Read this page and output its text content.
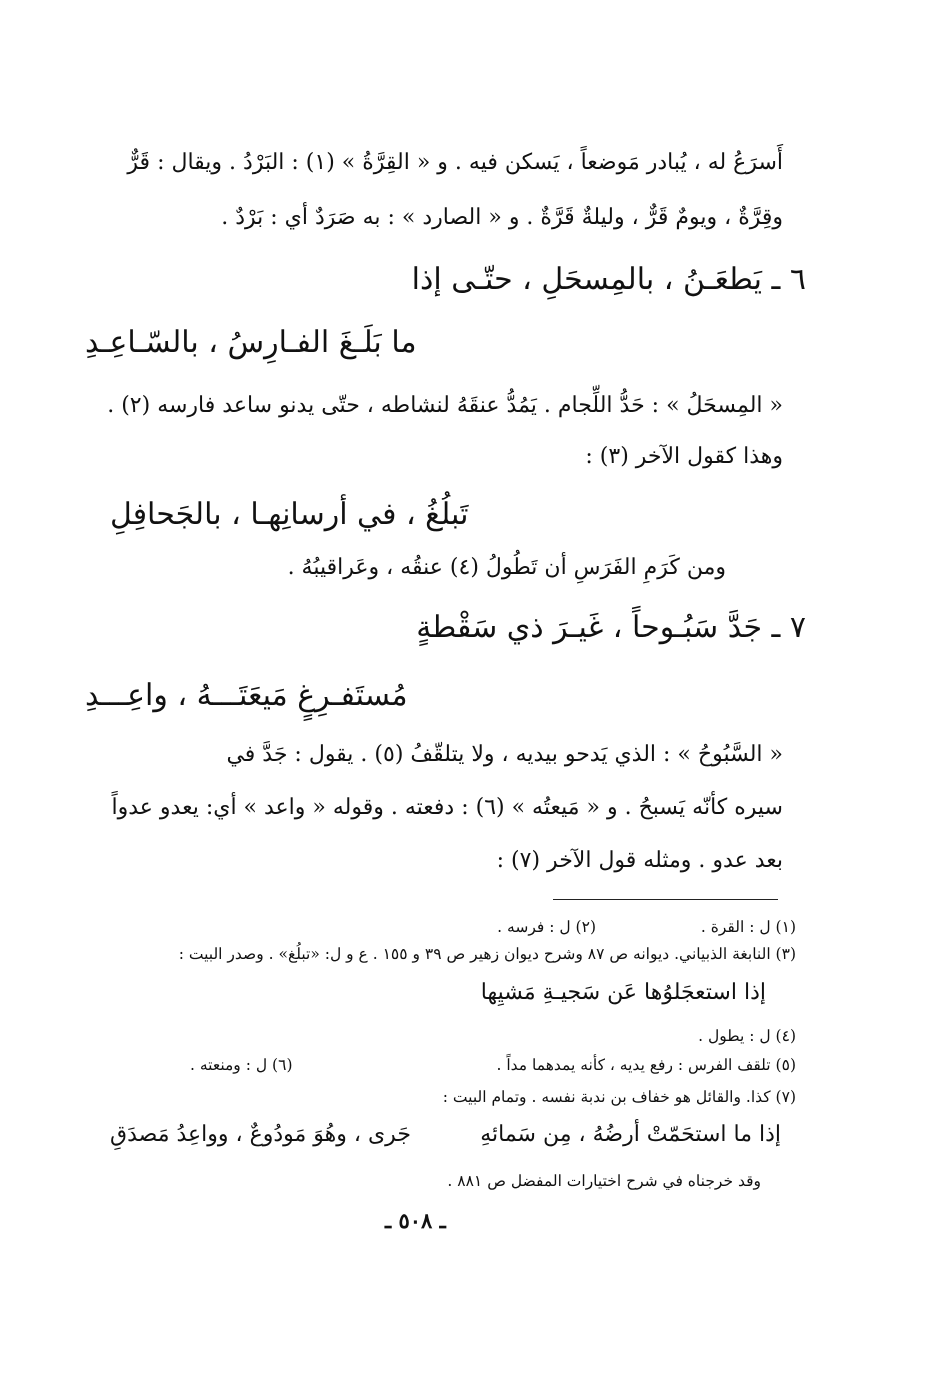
أَسرَعُ له ، يُبادر مَوضعاً ، يَسكن فيه . و « القِرَّةُ » (١) : البَرْدُ . ويقال : قَرٌّ
وقِرَّةٌ ، ويومٌ قَرٌّ ، وليلةٌ قَرَّةٌ . و « الصارد » : به صَرَدٌ أي : بَرْدٌ .
٦ ـ يَطعَـنُ ، بالمِسحَلِ ، حتّـى إذا
ما بَلَـغَ الفـارِسُ ، بالسّـاعِـدِ
« المِسحَلُ » : حَدُّ اللِّجام . يَمُدُّ عنقَهُ لنشاطه ، حتّى يدنو ساعد فارسه (٢) .
وهذا كقول الآخر (٣) :
تَبلُغُ ، في أرسانِهـا ، بالجَحافِلِ
ومن كَرَمِ الفَرَسِ أن تَطُولُ (٤) عنقُه ، وعَراقيبُهُ .
٧ ـ جَدَّ سَبُـوحاً ، غَيـرَ ذي سَقْطةٍ
مُستَفـرِغٍ مَيعَتَـــهُ ، واعِـــدِ
« السَّبُوحُ » : الذي يَدحو بيديه ، ولا يتلقّفُ (٥) . يقول : جَدَّ في
سيره كأنّه يَسبحُ . و « مَيعتُه » (٦) : دفعته . وقوله « واعد » أي: يعدو عدواً
بعد عدو . ومثله قول الآخر (٧) :
(١) ل : القرة .
(٢) ل : فرسه .
(٣) النابغة الذبياني. ديوانه ص ٨٧ وشرح ديوان زهير ص ٣٩ و ١٥٥ . ع و ل: «تبلُغ» . وصدر البيت :
إذا استعجَلوُها عَن سَجيـةِ مَشيِها
(٤) ل : يطول .
(٥) تلقف الفرس : رفع يديه ، كأنه يمدهما مداً .
(٦) ل : ومنعته .
(٧) كذا. والقائل هو خفاف بن ندبة نفسه . وتمام البيت :
إذا ما استحَمّتْ أرضُهُ ، مِن سَمائهِ
جَرى ، وهُوَ مَودُوعٌ ، وواعِدُ مَصدَقِ
وقد خرجناه في شرح اختيارات المفضل ص ٨٨١ .
ـ ٥٠٨ ـ
